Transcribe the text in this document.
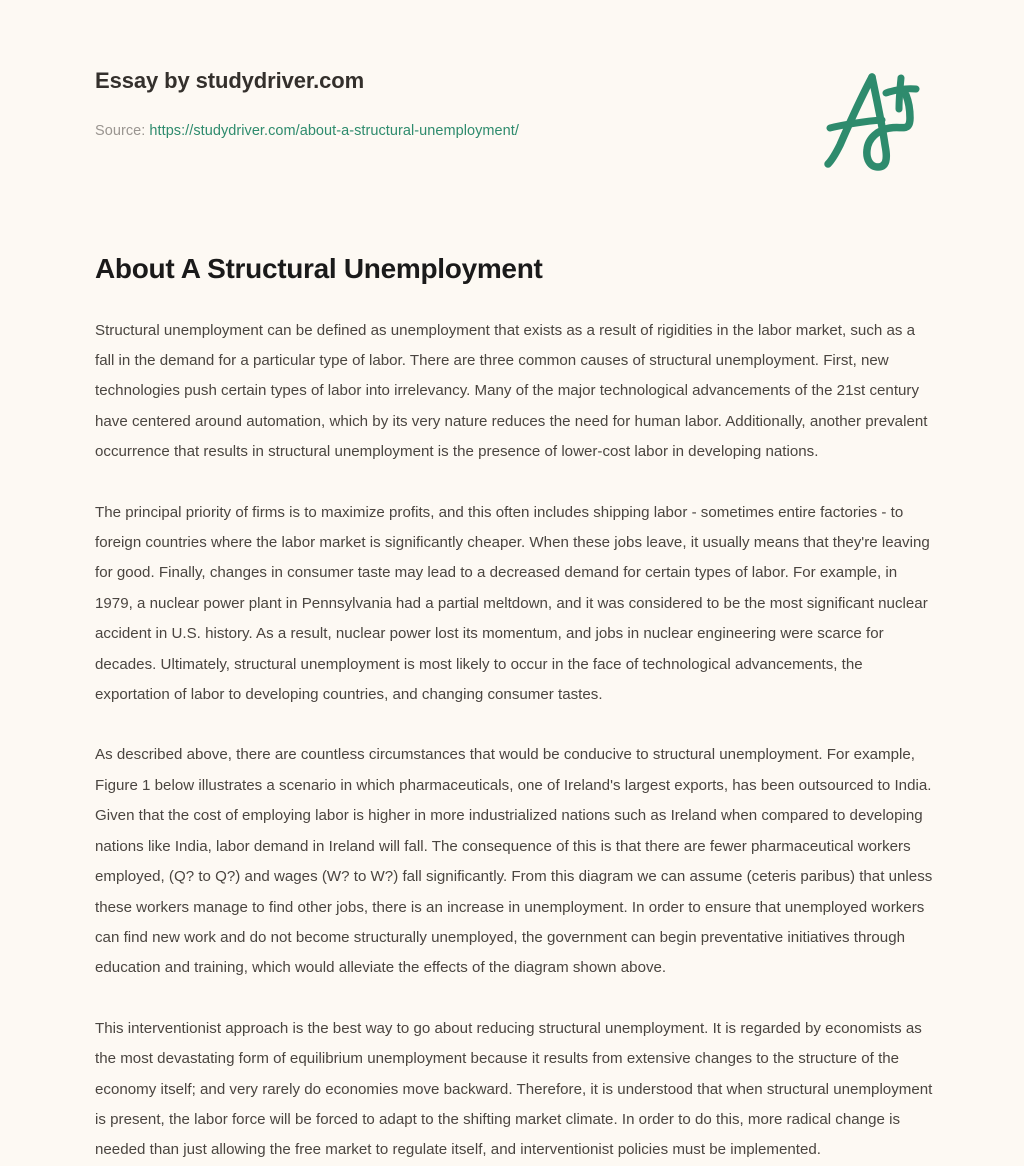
Essay by studydriver.com
Source: https://studydriver.com/about-a-structural-unemployment/
About A Structural Unemployment

Structural unemployment can be defined as unemployment that exists as a result of rigidities in the labor market, such as a fall in the demand for a particular type of labor. There are three common causes of structural unemployment. First, new technologies push certain types of labor into irrelevancy. Many of the major technological advancements of the 21st century have centered around automation, which by its very nature reduces the need for human labor. Additionally, another prevalent occurrence that results in structural unemployment is the presence of lower-cost labor in developing nations.

The principal priority of firms is to maximize profits, and this often includes shipping labor - sometimes entire factories - to foreign countries where the labor market is significantly cheaper. When these jobs leave, it usually means that they're leaving for good. Finally, changes in consumer taste may lead to a decreased demand for certain types of labor. For example, in 1979, a nuclear power plant in Pennsylvania had a partial meltdown, and it was considered to be the most significant nuclear accident in U.S. history. As a result, nuclear power lost its momentum, and jobs in nuclear engineering were scarce for decades. Ultimately, structural unemployment is most likely to occur in the face of technological advancements, the exportation of labor to developing countries, and changing consumer tastes.

As described above, there are countless circumstances that would be conducive to structural unemployment. For example, Figure 1 below illustrates a scenario in which pharmaceuticals, one of Ireland's largest exports, has been outsourced to India. Given that the cost of employing labor is higher in more industrialized nations such as Ireland when compared to developing nations like India, labor demand in Ireland will fall. The consequence of this is that there are fewer pharmaceutical workers employed, (Q? to Q?) and wages (W? to W?) fall significantly. From this diagram we can assume (ceteris paribus) that unless these workers manage to find other jobs, there is an increase in unemployment. In order to ensure that unemployed workers can find new work and do not become structurally unemployed, the government can begin preventative initiatives through education and training, which would alleviate the effects of the diagram shown above.

This interventionist approach is the best way to go about reducing structural unemployment. It is regarded by economists as the most devastating form of equilibrium unemployment because it results from extensive changes to the structure of the economy itself; and very rarely do economies move backward. Therefore, it is understood that when structural unemployment is present, the labor force will be forced to adapt to the shifting market climate. In order to do this, more radical change is needed than just allowing the free market to regulate itself, and interventionist policies must be implemented.
